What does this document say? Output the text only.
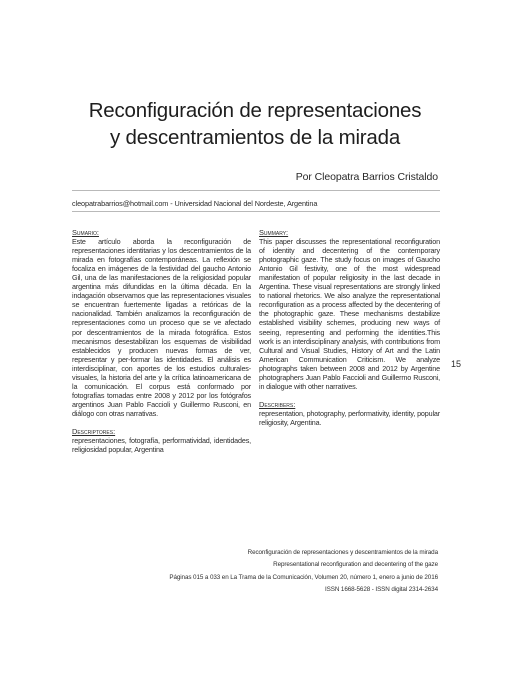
Reconfiguración de representaciones
y descentramientos de la mirada
Por Cleopatra Barrios Cristaldo
cleopatrabarrios@hotmail.com - Universidad Nacional del Nordeste, Argentina
Sumario:
Este artículo aborda la reconfiguración de representaciones identitarias y los descentramientos de la mirada en fotografías contemporáneas. La reflexión se focaliza en imágenes de la festividad del gaucho Antonio Gil, una de las manifestaciones de la religiosidad popular argentina más difundidas en la última década. En la indagación observamos que las representaciones visuales se encuentran fuertemente ligadas a retóricas de la nacionalidad. También analizamos la reconfiguración de representaciones como un proceso que se ve afectado por descentramientos de la mirada fotográfica. Estos mecanismos desestabilizan los esquemas de visibilidad establecidos y producen nuevas formas de ver, representar y per-formar las identidades. El análisis es interdisciplinar, con aportes de los estudios culturales-visuales, la historia del arte y la crítica latinoamericana de la comunicación. El corpus está conformado por fotografías tomadas entre 2008 y 2012 por los fotógrafos argentinos Juan Pablo Faccioli y Guillermo Rusconi, en diálogo con otras narrativas.
Descriptores:
representaciones, fotografía, performatividad, identidades, religiosidad popular, Argentina
Summary:
This paper discusses the representational reconfiguration of identity and decentering of the contemporary photographic gaze. The study focus on images of Gaucho Antonio Gil festivity, one of the most widespread manifestation of popular religiosity in the last decade in Argentina. These visual representations are strongly linked to national rhetorics. We also analyze the representational reconfiguration as a process affected by the decentering of the photographic gaze. These mechanisms destabilize established visibility schemes, producing new ways of seeing, representing and performing the identities.This work is an interdisciplinary analysis, with contributions from Cultural and Visual Studies, History of Art and the Latin American Communication Criticism. We analyze photographs taken between 2008 and 2012 by Argentine photographers Juan Pablo Faccioli and Guillermo Rusconi, in dialogue with other narratives.
Describers:
representation, photography, performativity, identity, popular religiosity, Argentina.
15
Reconfiguración de representaciones y descentramientos de la mirada
Representational reconfiguration and decentering of the gaze
Páginas 015 a 033 en La Trama de la Comunicación, Volumen 20, número 1, enero a junio de 2016
ISSN 1668-5628 - ISSN digital 2314-2634
